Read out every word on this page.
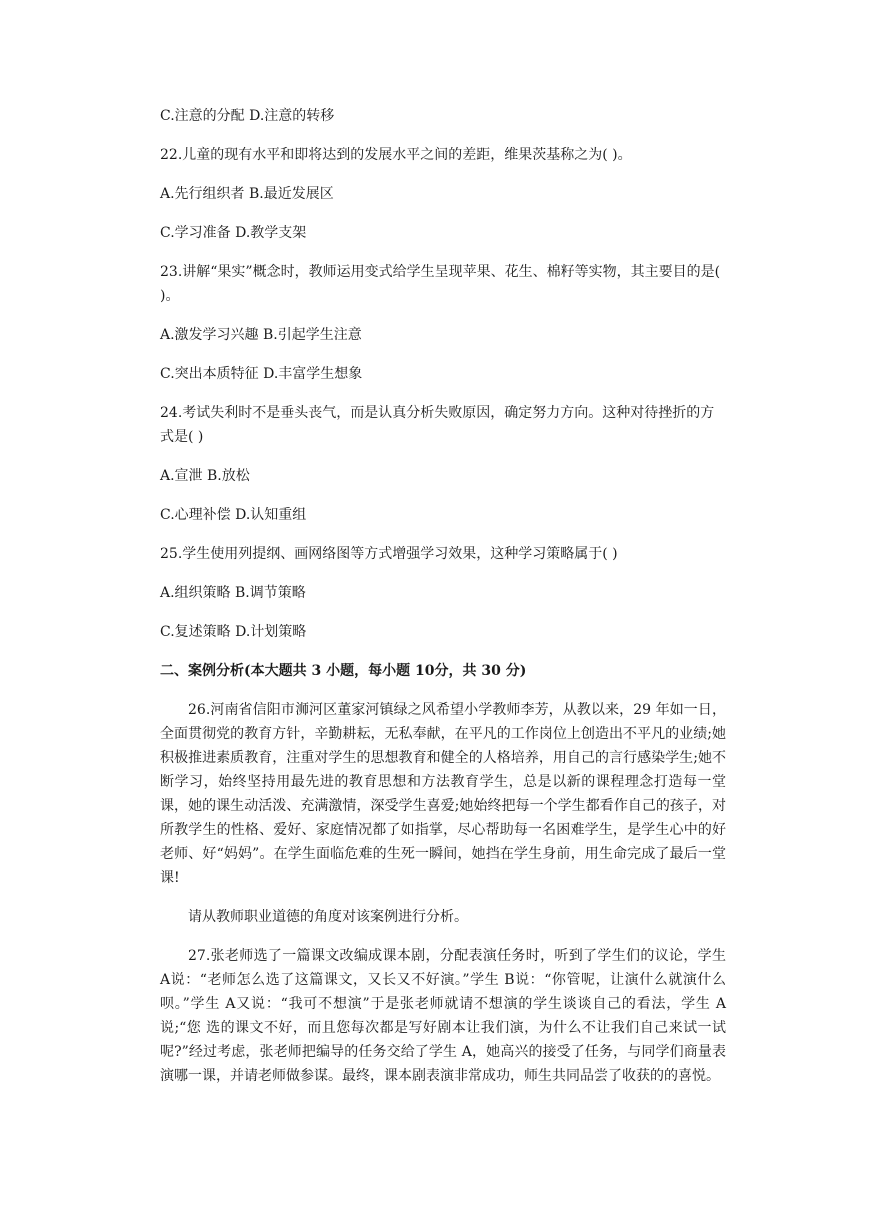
C.注意的分配 D.注意的转移

22.儿童的现有水平和即将达到的发展水平之间的差距，维果茨基称之为( )。

A.先行组织者 B.最近发展区

C.学习准备 D.教学支架

23.讲解“果实”概念时，教师运用变式给学生呈现苹果、花生、棉籽等实物，其主要目的是( )。

A.激发学习兴趣 B.引起学生注意

C.突出本质特征 D.丰富学生想象

24.考试失利时不是垂头丧气，而是认真分析失败原因，确定努力方向。这种对待挫折的方式是( )

A.宣泄 B.放松

C.心理补偿 D.认知重组

25.学生使用列提纲、画网络图等方式增强学习效果，这种学习策略属于( )

A.组织策略 B.调节策略

C.复述策略 D.计划策略

二、案例分析(本大题共 3 小题，每小题 10分，共 30 分)

26.河南省信阳市浉河区董家河镇绿之风希望小学教师李芳，从教以来，29 年如一日，全面贯彻党的教育方针，辛勤耕耘，无私奉献，在平凡的工作岗位上创造出不平凡的业绩;她积极推进素质教育，注重对学生的思想教育和健全的人格培养，用自己的言行感染学生;她不断学习，始终坚持用最先进的教育思想和方法教育学生，总是以新的课程理念打造每一堂课，她的课生动活泼、充满激情，深受学生喜爱;她始终把每一个学生都看作自己的孩子，对所教学生的性格、爱好、家庭情况都了如指掌，尽心帮助每一名困难学生，是学生心中的好老师、好“妈妈”。在学生面临危难的生死一瞬间，她挡在学生身前，用生命完成了最后一堂课!

请从教师职业道德的角度对该案例进行分析。

27.张老师选了一篇课文改编成课本剧，分配表演任务时，听到了学生们的议论，学生 A说：“老师怎么选了这篇课文，又长又不好演。”学生 B说：“你管呢，让演什么就演什么呗。”学生 A又说：“我可不想演”于是张老师就请不想演的学生谈谈自己的看法，学生 A说;“您 选的课文不好，而且您每次都是写好剧本让我们演，为什么不让我们自己来试一试呢?”经过考虑，张老师把编导的任务交给了学生 A，她高兴的接受了任务，与同学们商量表演哪一课，并请老师做参谋。最终，课本剧表演非常成功，师生共同品尝了收获的的喜悦。
